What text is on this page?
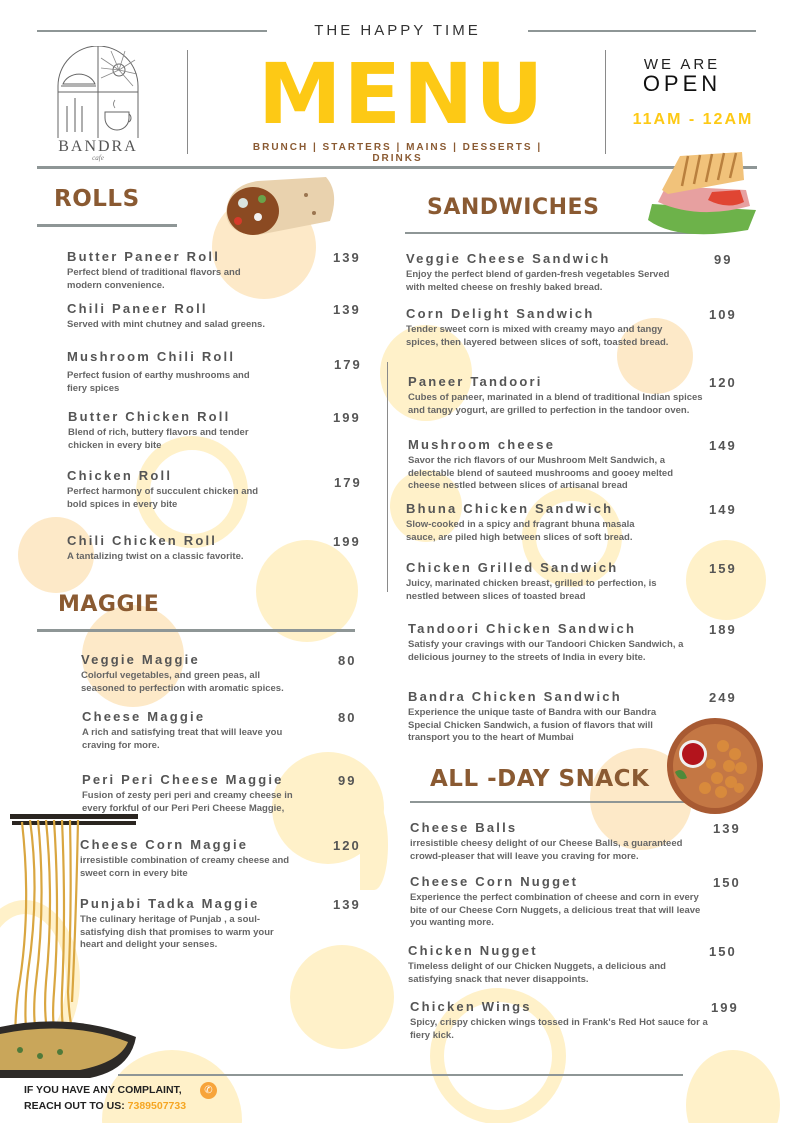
BANDRA
cafe
THE HAPPY TIME
MENU
BRUNCH | STARTERS | MAINS | DESSERTS | DRINKS
WE ARE
OPEN
11AM - 12AM
ROLLS
Butter Paneer Roll
Perfect blend of traditional flavors and modern convenience.
139
Chili Paneer Roll
Served with mint chutney and salad greens.
139
Mushroom Chili Roll
Perfect fusion of earthy mushrooms and fiery spices
179
Butter Chicken Roll
Blend of rich, buttery flavors and tender chicken in every bite
199
Chicken Roll
Perfect harmony of succulent chicken and bold spices in every bite
179
Chili Chicken Roll
A tantalizing twist on a classic favorite.
199
MAGGIE
Veggie Maggie
Colorful vegetables, and green peas, all seasoned to perfection with aromatic spices.
80
Cheese Maggie
A rich and satisfying treat that will leave you craving for more.
80
Peri Peri Cheese Maggie
Fusion of zesty peri peri and creamy cheese in every forkful of our Peri Peri Cheese Maggie,
99
Cheese Corn Maggie
irresistible combination of creamy cheese and sweet corn in every bite
120
Punjabi Tadka Maggie
The culinary heritage of Punjab , a soul-satisfying dish that promises to warm your heart and delight your senses.
139
SANDWICHES
Veggie Cheese Sandwich
Enjoy the perfect blend of garden-fresh vegetables Served with melted cheese on freshly baked bread.
99
Corn Delight Sandwich
Tender sweet corn is mixed with creamy mayo and tangy spices, then layered between slices of soft, toasted bread.
109
Paneer Tandoori
Cubes of paneer, marinated in a blend of traditional Indian spices and tangy yogurt, are grilled to perfection in the tandoor oven.
120
Mushroom cheese
Savor the rich flavors of our Mushroom Melt Sandwich, a delectable blend of sauteed mushrooms and gooey melted cheese nestled between slices of artisanal bread
149
Bhuna Chicken Sandwich
Slow-cooked in a spicy and fragrant bhuna masala sauce, are piled high between slices of soft bread.
149
Chicken Grilled Sandwich
Juicy, marinated chicken breast, grilled to perfection, is nestled between slices of toasted bread
159
Tandoori Chicken Sandwich
Satisfy your cravings with our Tandoori Chicken Sandwich, a delicious journey to the streets of India in every bite.
189
Bandra Chicken Sandwich
Experience the unique taste of Bandra with our Bandra Special Chicken Sandwich, a fusion of flavors that will transport you to the heart of Mumbai
249
ALL -DAY SNACK
Cheese Balls
irresistible cheesy delight of our Cheese Balls, a guaranteed crowd-pleaser that will leave you craving for more.
139
Cheese Corn Nugget
Experience the perfect combination of cheese and corn in every bite of our Cheese Corn Nuggets, a delicious treat that will leave you wanting more.
150
Chicken Nugget
Timeless delight of our Chicken Nuggets, a delicious and satisfying snack that never disappoints.
150
Chicken Wings
Spicy, crispy chicken wings tossed in Frank's Red Hot sauce for a fiery kick.
199
IF YOU HAVE ANY COMPLAINT,
REACH OUT TO US: 7389507733
✆
